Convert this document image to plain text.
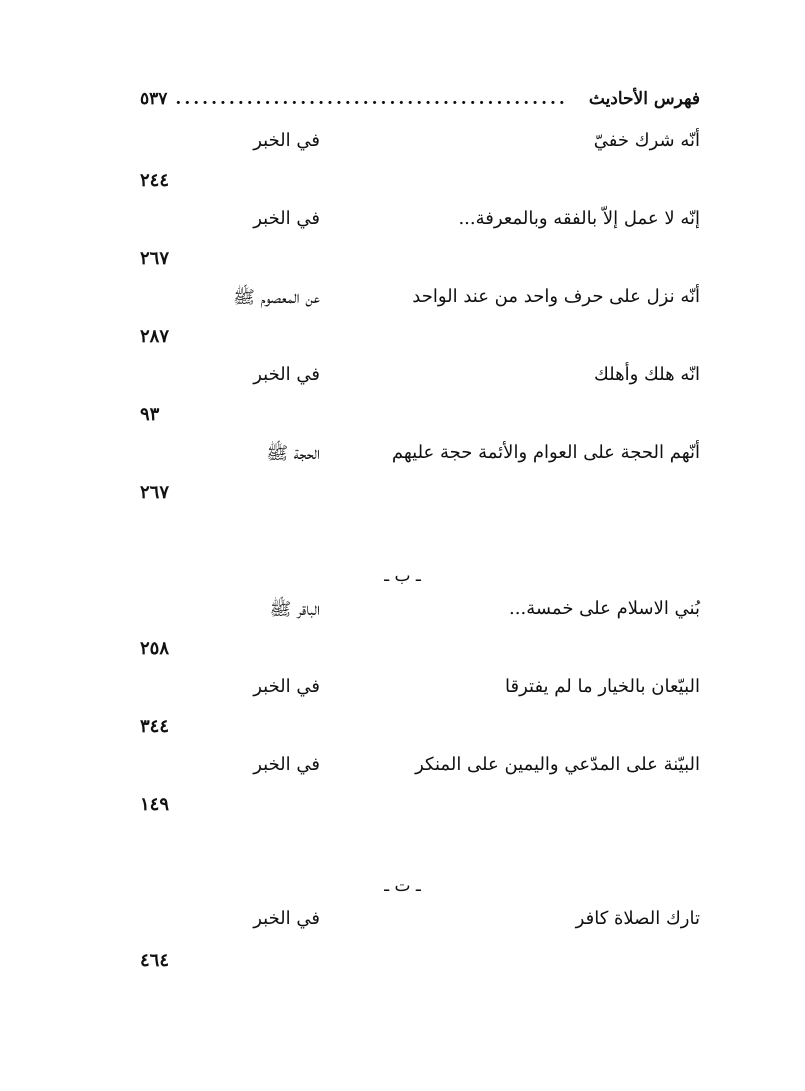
فهرس الأحاديث
............................................
٥٣٧
أنّه شرك خفيّ
في الخبر
٢٤٤
إنّه لا عمل إلاّ بالفقه وبالمعرفة...
في الخبر
٢٦٧
أنّه نزل على حرف واحد من عند الواحد
عن المعصوم ﷺ
٢٨٧
انّه هلك وأهلك
في الخبر
٩٣
أنّهم الحجة على العوام والأئمة حجة عليهم
الحجة ﷺ
٢٦٧
ـ ب ـ
بُني الاسلام على خمسة...
الباقر ﷺ
٢٥٨
البيّعان بالخيار ما لم يفترقا
في الخبر
٣٤٤
البيّنة على المدّعي واليمين على المنكر
في الخبر
١٤٩
ـ ت ـ
تارك الصلاة كافر
في الخبر
٤٦٤
